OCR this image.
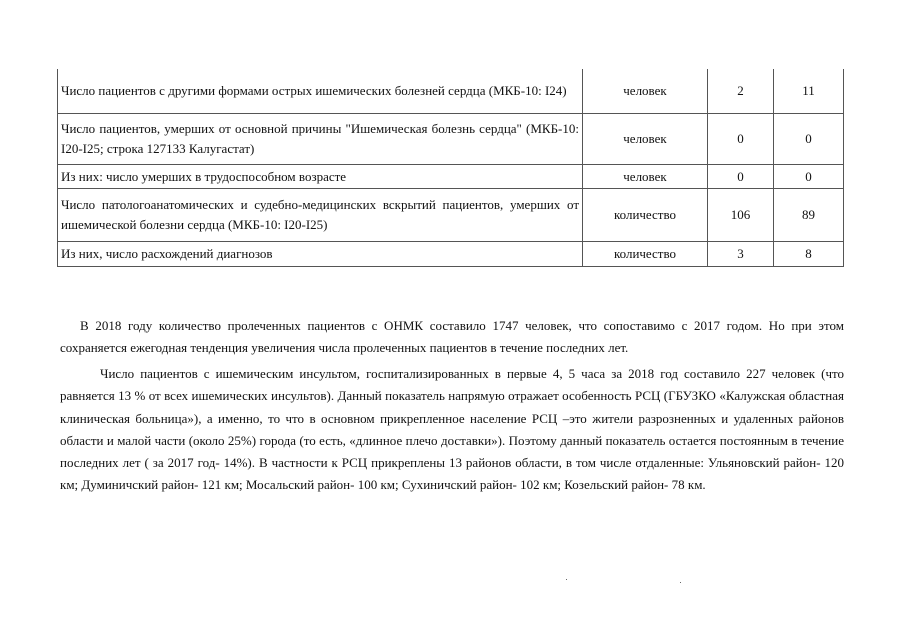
Число пациентов с другими формами острых ишемических болезней сердца (МКБ-10: I24)	человек	2	11
Число пациентов, умерших от основной причины "Ишемическая болезнь сердца" (МКБ-10: I20-I25; строка 127133 Калугастат)	человек	0	0
Из них: число умерших в трудоспособном возрасте	человек	0	0
Число патологоанатомических и судебно-медицинских вскрытий пациентов, умерших от ишемической болезни сердца (МКБ-10: I20-I25)	количество	106	89
Из них, число расхождений диагнозов	количество	3	8

В 2018 году количество пролеченных пациентов с ОНМК составило 1747 человек, что сопоставимо с 2017 годом. Но при этом сохраняется ежегодная тенденция увеличения числа пролеченных пациентов в течение последних лет.

Число пациентов с ишемическим инсультом, госпитализированных в первые 4, 5 часа за 2018 год составило 227 человек (что равняется 13 % от всех ишемических инсультов). Данный показатель напрямую отражает особенность РСЦ (ГБУЗКО «Калужская областная клиническая больница»), а именно, то что в основном прикрепленное население РСЦ –это жители разрозненных и удаленных районов области и малой части (около 25%) города (то есть, «длинное плечо доставки»). Поэтому данный показатель остается постоянным в течение последних лет ( за 2017 год- 14%). В частности к РСЦ прикреплены 13 районов области, в том числе отдаленные: Ульяновский район- 120 км; Думиничский район- 121 км; Мосальский район- 100 км; Сухиничский район- 102 км; Козельский район- 78 км.
